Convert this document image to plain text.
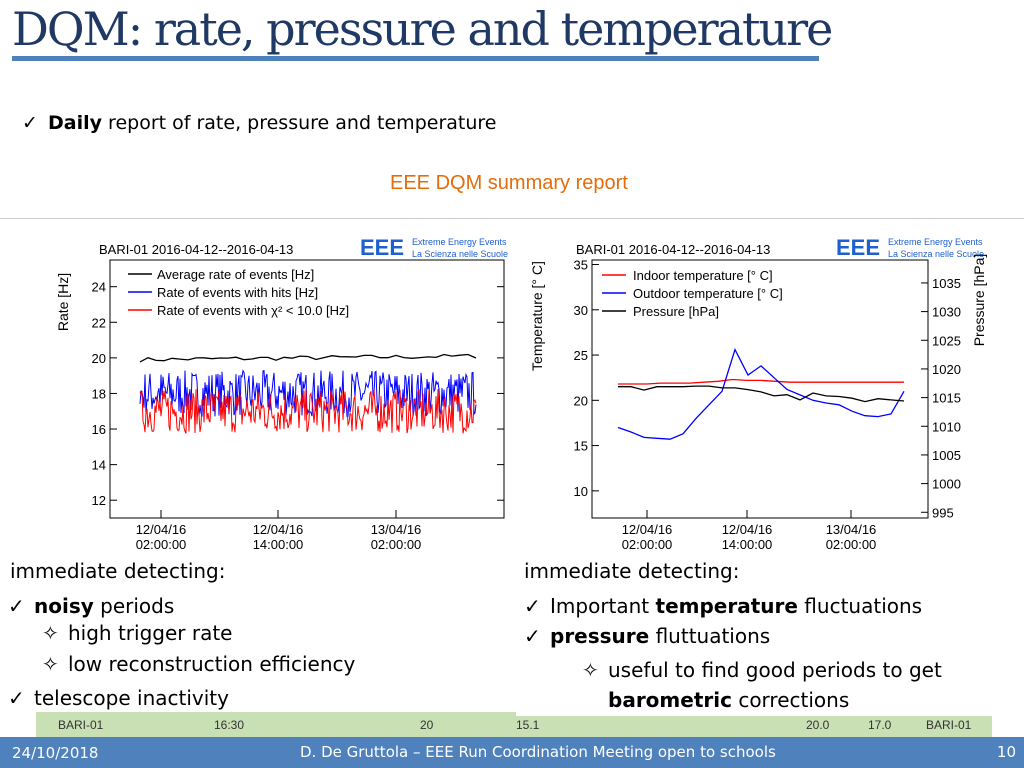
DQM: rate, pressure and temperature
✓ Daily report of rate, pressure and temperature
EEE DQM summary report
BARI-01	16:30	20	15.1	20.0	17.0	BARI-01
BARI-01 2016-04-12--2016-04-13	EEE Extreme Energy Events
La Scienza nelle Scuole
Rate [Hz]
12
14
16
18
20
22
24
12/04/16
02:00:00
12/04/16
14:00:00
13/04/16
02:00:00
Average rate of events [Hz]
Rate of events with hits [Hz]
Rate of events with χ² < 10.0 [Hz]
BARI-01 2016-04-12--2016-04-13	EEE Extreme Energy Events
La Scienza nelle Scuole
Temperature [° C]	Pressure [hPa]
10
15
20
25
30
35
995
1000
1005
1010
1015
1020
1025
1030
1035
12/04/16
02:00:00
12/04/16
14:00:00
13/04/16
02:00:00
Indoor temperature [° C]
Outdoor temperature [° C]
Pressure [hPa]
immediate detecting:
✓ noisy periods
✧ high trigger rate
✧ low reconstruction efficiency
✓ telescope inactivity
immediate detecting:
✓ Important temperature fluctuations
✓ pressure fluttuations
✧ useful to find good periods to get
barometric corrections
24/10/2018	D. De Gruttola – EEE Run Coordination Meeting open to schools	10
